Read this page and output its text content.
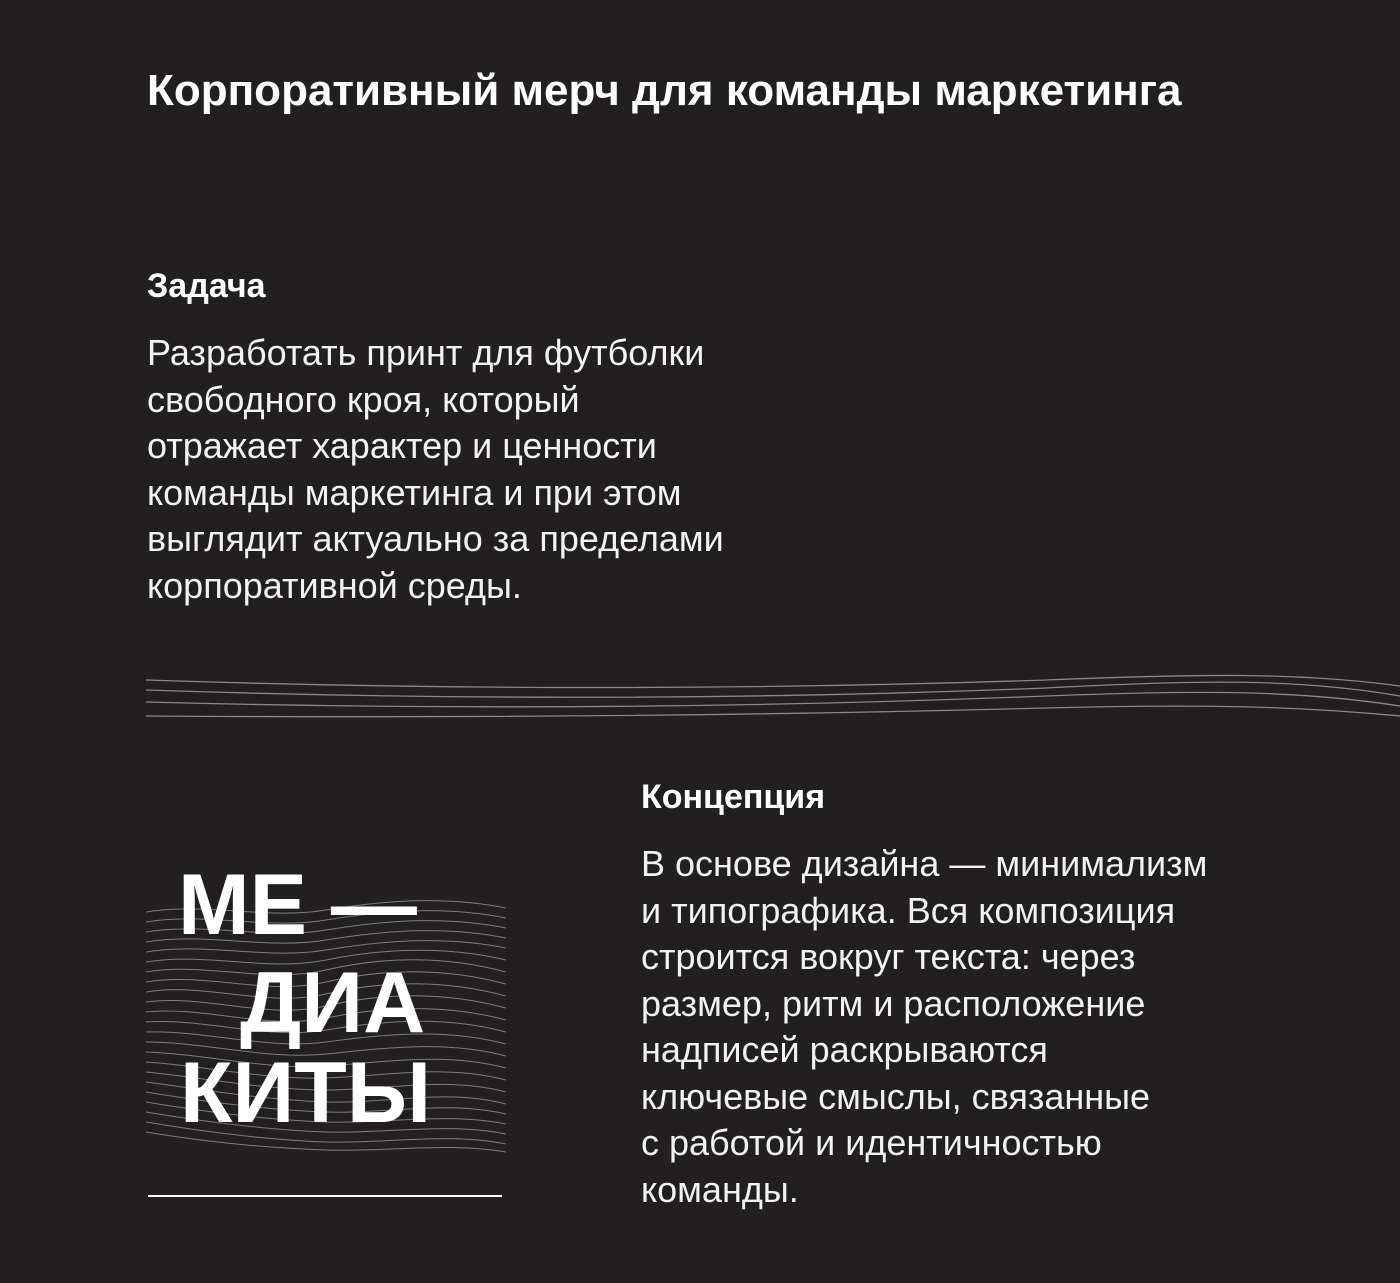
Корпоративный мерч для команды маркетинга
Задача

Разработать принт для футболки
свободного кроя, который
отражает характер и ценности
команды маркетинга и при этом
выглядит актуально за пределами
корпоративной среды.

МЕ —
ДИА
КИТЫ
Концепция

В основе дизайна — минимализм
и типографика. Вся композиция
строится вокруг текста: через
размер, ритм и расположение
надписей раскрываются
ключевые смыслы, связанные
с работой и идентичностью
команды.
